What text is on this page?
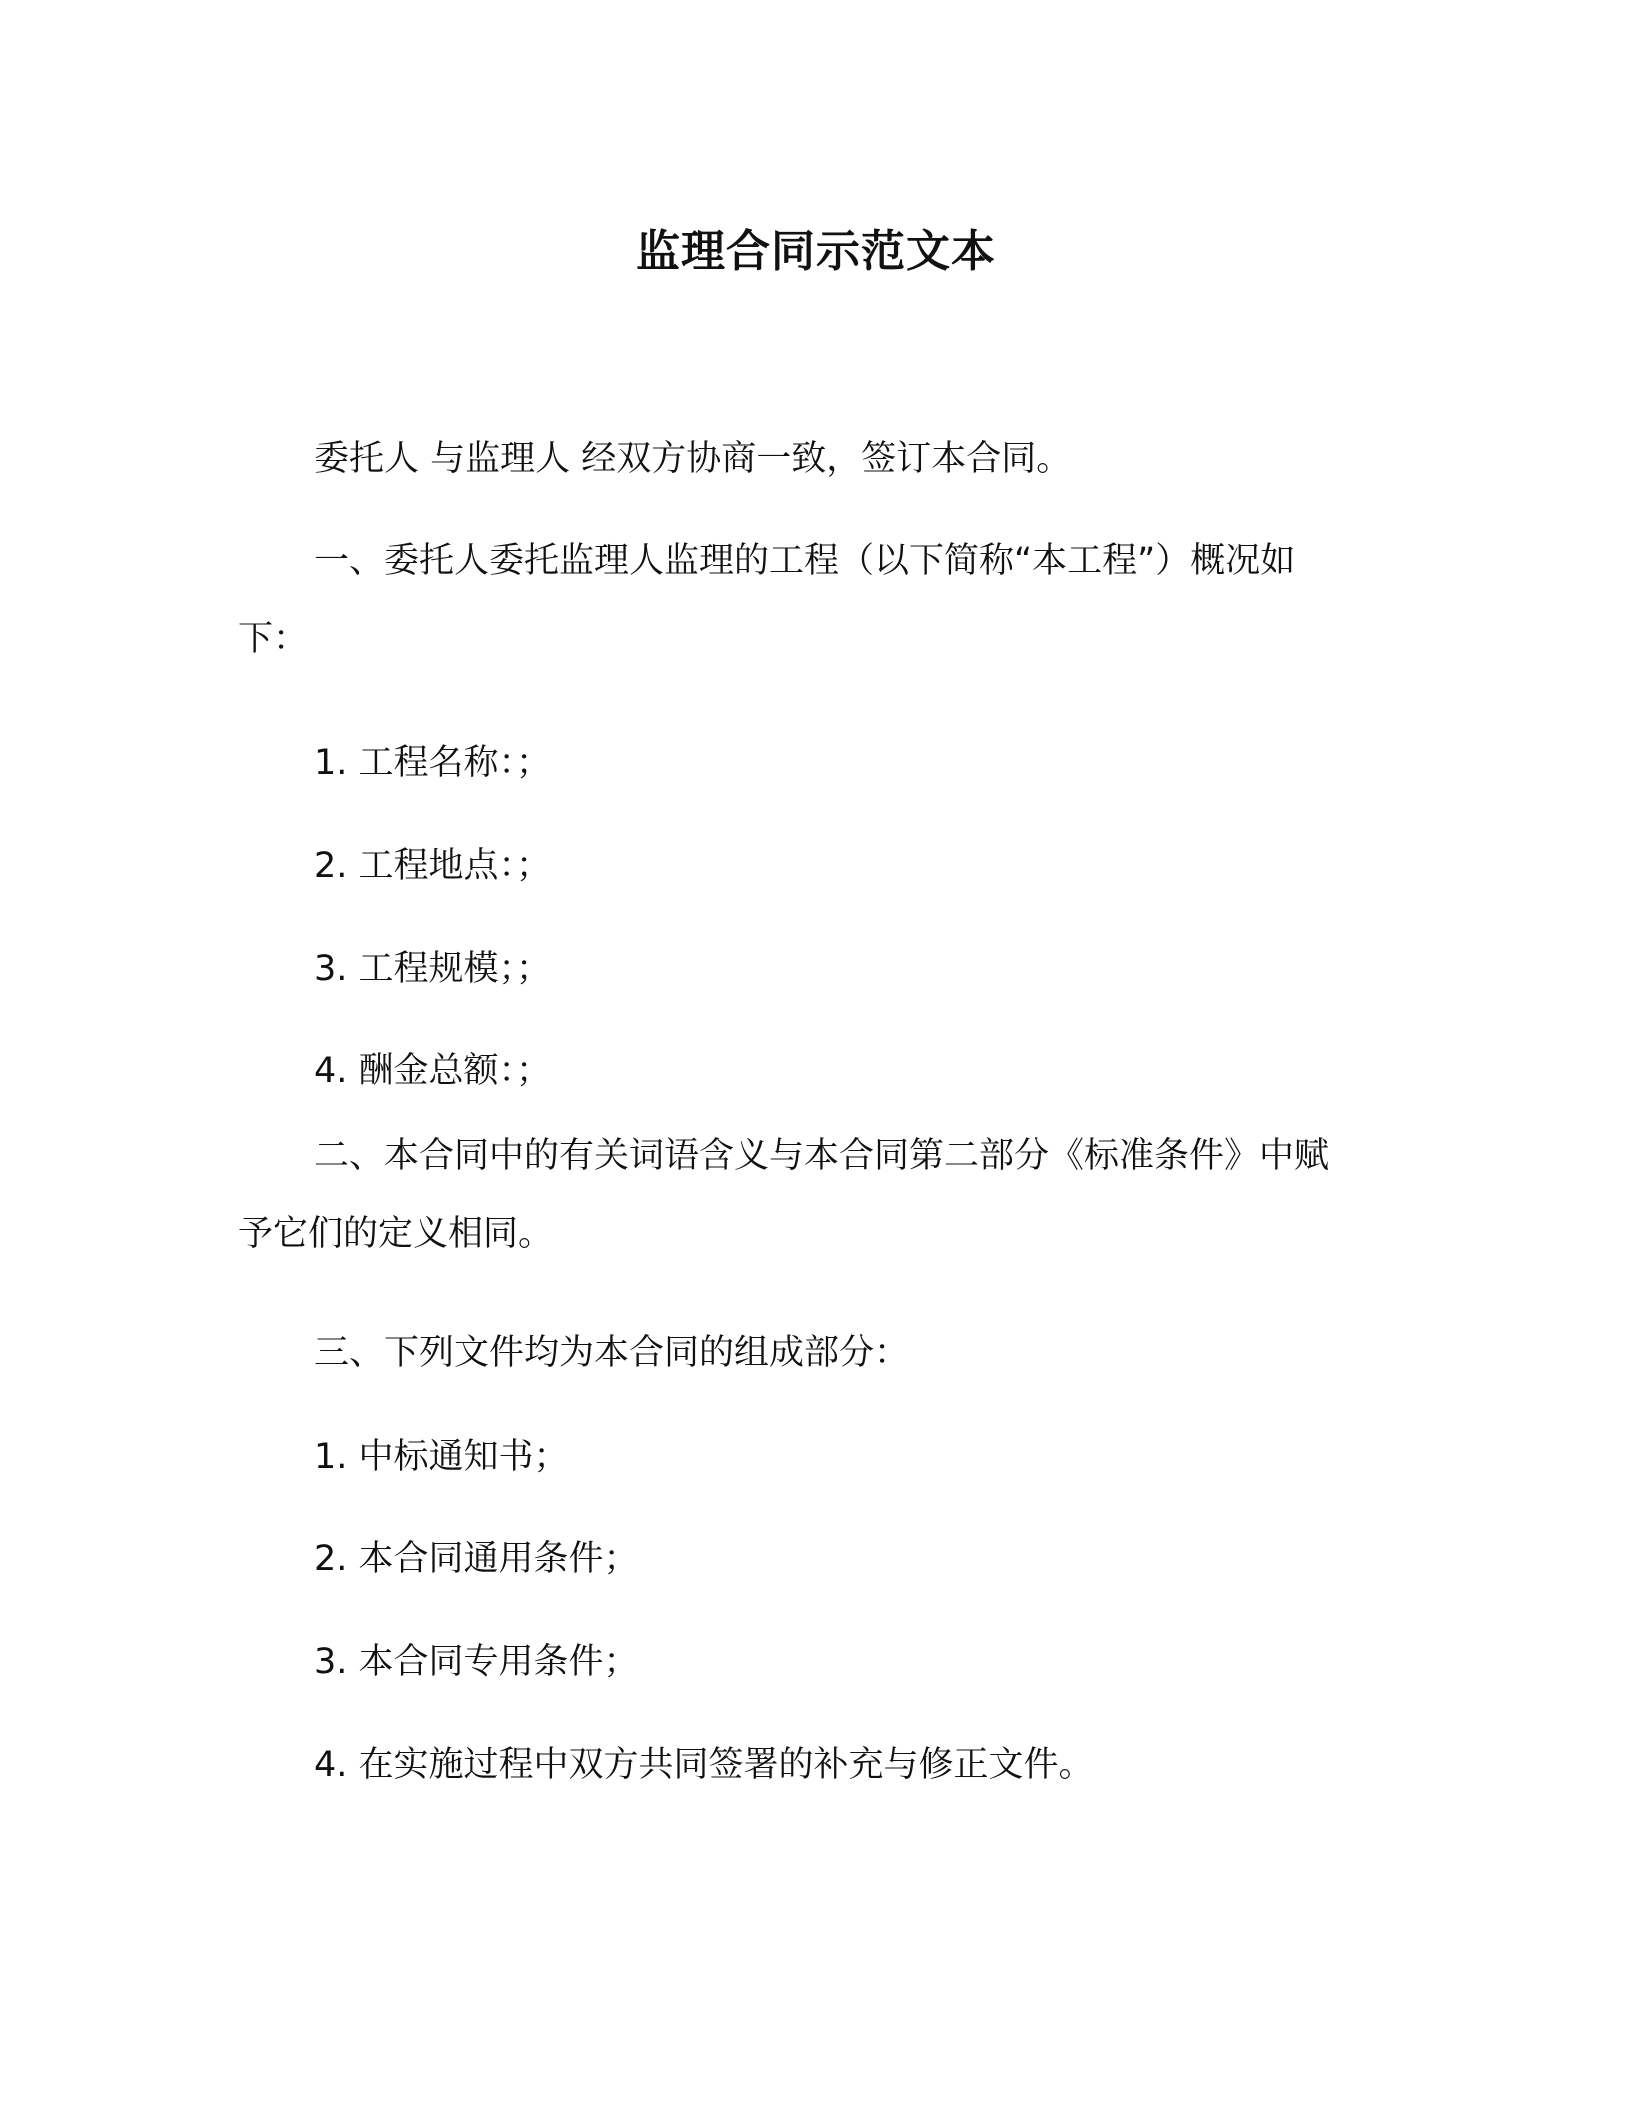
监理合同示范文本

委托人 与监理人 经双方协商一致，签订本合同。

一、委托人委托监理人监理的工程（以下简称“本工程”）概况如下：

1. 工程名称：；

2. 工程地点：；

3. 工程规模；；

4. 酬金总额：；

二、本合同中的有关词语含义与本合同第二部分《标准条件》中赋予它们的定义相同。

三、下列文件均为本合同的组成部分：

1. 中标通知书；

2. 本合同通用条件；

3. 本合同专用条件；

4. 在实施过程中双方共同签署的补充与修正文件。
